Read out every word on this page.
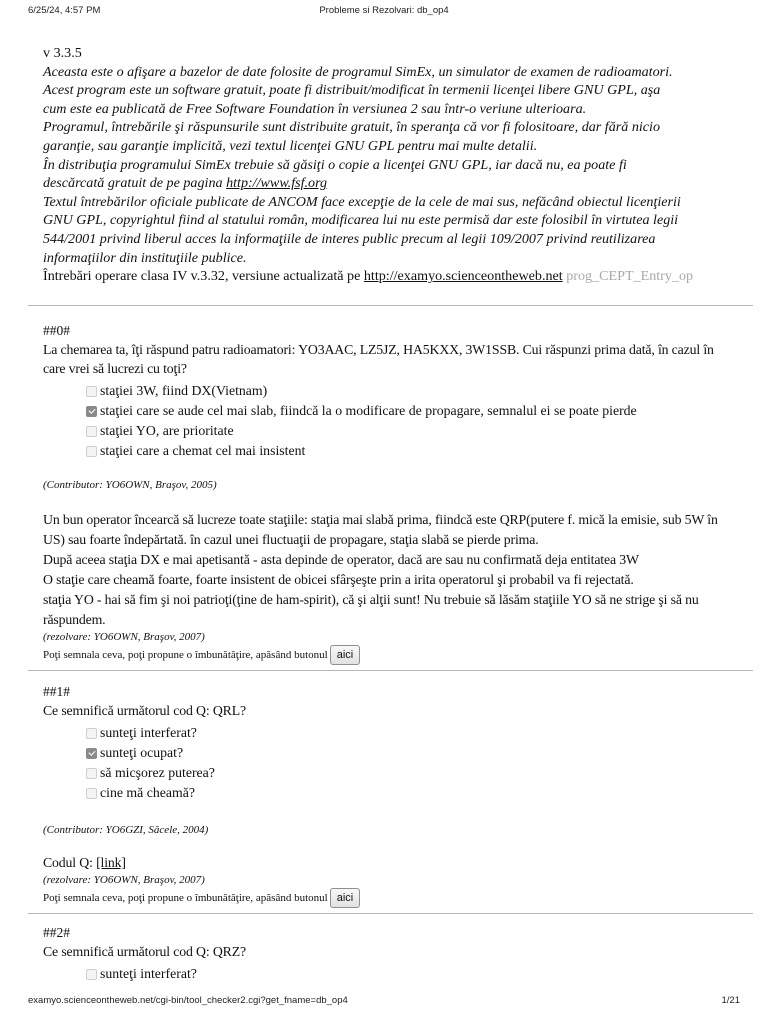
6/25/24, 4:57 PM	Probleme si Rezolvari: db_op4

v 3.3.5

Aceasta este o afişare a bazelor de date folosite de programul SimEx, un simulator de examen de radioamatori.

Acest program este un software gratuit, poate fi distribuit/modificat în termenii licenţei libere GNU GPL, aşa

cum este ea publicată de Free Software Foundation în versiunea 2 sau într-o veriune ulterioara.

Programul, întrebările şi răspunsurile sunt distribuite gratuit, în speranţa că vor fi folositoare, dar fără nicio

garanţie, sau garanţie implicită, vezi textul licenţei GNU GPL pentru mai multe detalii.

În distribuţia programului SimEx trebuie să găsiţi o copie a licenţei GNU GPL, iar dacă nu, ea poate fi

descărcată gratuit de pe pagina http://www.fsf.org

Textul întrebărilor oficiale publicate de ANCOM face excepţie de la cele de mai sus, nefăcând obiectul licenţierii

GNU GPL, copyrightul fiind al statului român, modificarea lui nu este permisă dar este folosibil în virtutea legii

544/2001 privind liberul acces la informaţiile de interes public precum al legii 109/2007 privind reutilizarea

informaţiilor din instituţiile publice.

Întrebări operare clasa IV v.3.32, versiune actualizată pe http://examyo.scienceontheweb.net prog_CEPT_Entry_op

##0#

La chemarea ta, îţi răspund patru radioamatori: YO3AAC, LZ5JZ, HA5KXX, 3W1SSB. Cui răspunzi prima dată, în cazul în care vrei să lucrezi cu toţi?

staţiei 3W, fiind DX(Vietnam)
staţiei care se aude cel mai slab, fiindcă la o modificare de propagare, semnalul ei se poate pierde
staţiei YO, are prioritate
staţiei care a chemat cel mai insistent

(Contributor: YO6OWN, Braşov, 2005)

Un bun operator încearcă să lucreze toate staţiile: staţia mai slabă prima, fiindcă este QRP(putere f. mică la emisie, sub 5W în US) sau foarte îndepărtată. în cazul unei fluctuaţii de propagare, staţia slabă se pierde prima.

După aceea staţia DX e mai apetisantă - asta depinde de operator, dacă are sau nu confirmată deja entitatea 3W

O staţie care cheamă foarte, foarte insistent de obicei sfârşeşte prin a irita operatorul şi probabil va fi rejectată.

staţia YO - hai să fim şi noi patrioţi(ţine de ham-spirit), că şi alţii sunt! Nu trebuie să lăsăm staţiile YO să ne strige şi să nu răspundem.

(rezolvare: YO6OWN, Braşov, 2007)

Poţi semnala ceva, poţi propune o îmbunătăţire, apăsând butonul aici

##1#

Ce semnifică următorul cod Q: QRL?

sunteţi interferat?
sunteţi ocupat?
să micşorez puterea?
cine mă cheamă?

(Contributor: YO6GZI, Săcele, 2004)

Codul Q: [link]

(rezolvare: YO6OWN, Braşov, 2007)

Poţi semnala ceva, poţi propune o îmbunătăţire, apăsând butonul aici

##2#

Ce semnifică următorul cod Q: QRZ?

sunteţi interferat?
examyo.scienceontheweb.net/cgi-bin/tool_checker2.cgi?get_fname=db_op4	1/21
